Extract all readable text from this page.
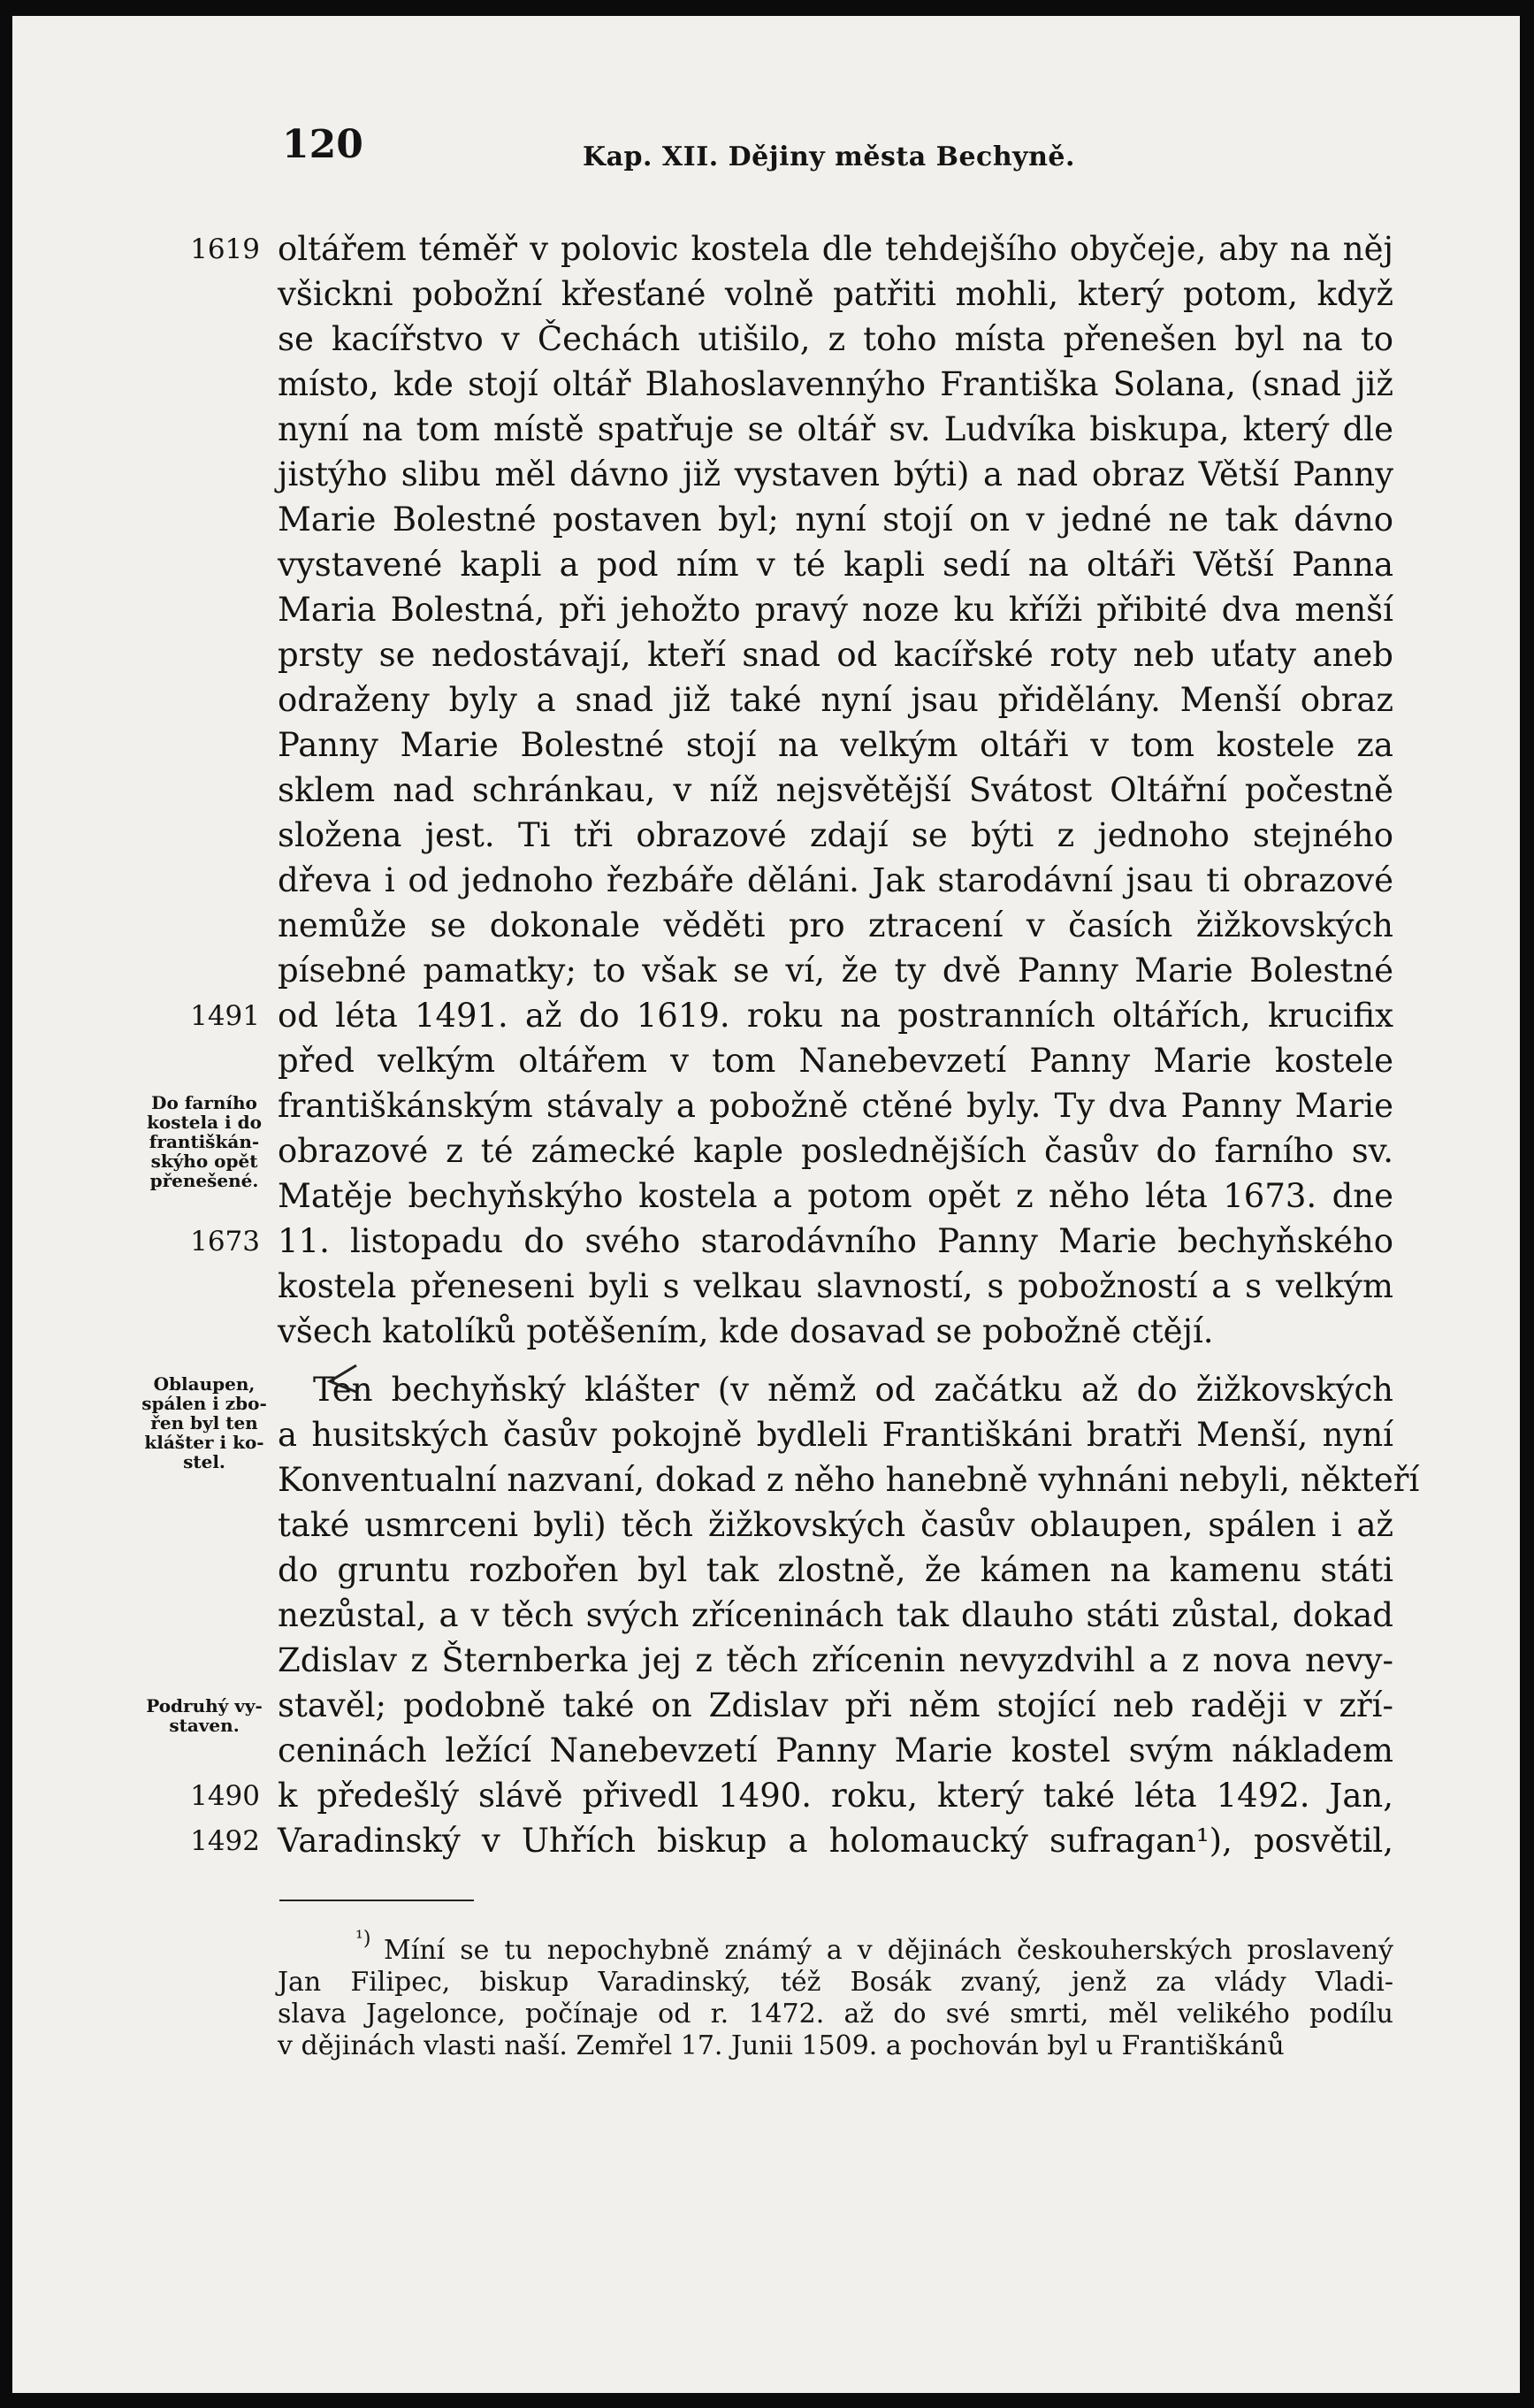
120	Kap. XII. Dějiny města Bechyně.
oltářem téměř v polovic kostela dle tehdejšího obyčeje, aby na něj
všickni pobožní křesťané volně patřiti mohli, který potom, když
se kacířstvo v Čechách utišilo, z toho místa přenešen byl na to
místo, kde stojí oltář Blahoslavennýho Františka Solana, (snad již
nyní na tom místě spatřuje se oltář sv. Ludvíka biskupa, který dle
jistýho slibu měl dávno již vystaven býti) a nad obraz Větší Panny
Marie Bolestné postaven byl; nyní stojí on v jedné ne tak dávno
vystavené kapli a pod ním v té kapli sedí na oltáři Větší Panna
Maria Bolestná, při jehožto pravý noze ku kříži přibité dva menší
prsty se nedostávají, kteří snad od kacířské roty neb uťaty aneb
odraženy byly a snad již také nyní jsau přidělány. Menší obraz
Panny Marie Bolestné stojí na velkým oltáři v tom kostele za
sklem nad schránkau, v níž nejsvětější Svátost Oltářní počestně
složena jest. Ti tři obrazové zdají se býti z jednoho stejného
dřeva i od jednoho řezbáře děláni. Jak starodávní jsau ti obrazové
nemůže se dokonale věděti pro ztracení v časích žižkovských
písebné pamatky; to však se ví, že ty dvě Panny Marie Bolestné
od léta 1491. až do 1619. roku na postranních oltářích, krucifix
před velkým oltářem v tom Nanebevzetí Panny Marie kostele
františkánským stávaly a pobožně ctěné byly. Ty dva Panny Marie
obrazové z té zámecké kaple poslednějších časův do farního sv.
Matěje bechyňskýho kostela a potom opět z něho léta 1673. dne
11. listopadu do svého starodávního Panny Marie bechyňského
kostela přeneseni byli s velkau slavností, s pobožností a s velkým
všech katolíků potěšením, kde dosavad se pobožně ctějí.
Ten bechyňský klášter (v němž od začátku až do žižkovských
a husitských časův pokojně bydleli Františkáni bratři Menší, nyní
Konventualní nazvaní, dokad z něho hanebně vyhnáni nebyli, někteří
také usmrceni byli) těch žižkovských časův oblaupen, spálen i až
do gruntu rozbořen byl tak zlostně, že kámen na kamenu státi
nezůstal, a v těch svých zříceninách tak dlauho státi zůstal, dokad
Zdislav z Šternberka jej z těch zřícenin nevyzdvihl a z nova nevy-
stavěl; podobně také on Zdislav při něm stojící neb raději v zří-
ceninách ležící Nanebevzetí Panny Marie kostel svým nákladem
k předešlý slávě přivedl 1490. roku, který také léta 1492. Jan,
Varadinský v Uhřích biskup a holomaucký sufragan¹), posvětil,
1619
1491
1673
1490
1492
Do farního
kostela i do
františkán-
skýho opět
přenešené.
Oblaupen,
spálen i zbo-
řen byl ten
klášter i ko-
stel.
Podruhý vy-
staven.
¹) Míní se tu nepochybně známý a v dějinách českouherských proslavený
Jan Filipec, biskup Varadinský, též Bosák zvaný, jenž za vlády Vladi-
slava Jagelonce, počínaje od r. 1472. až do své smrti, měl velikého podílu
v dějinách vlasti naší. Zemřel 17. Junii 1509. a pochován byl u Františkánů
